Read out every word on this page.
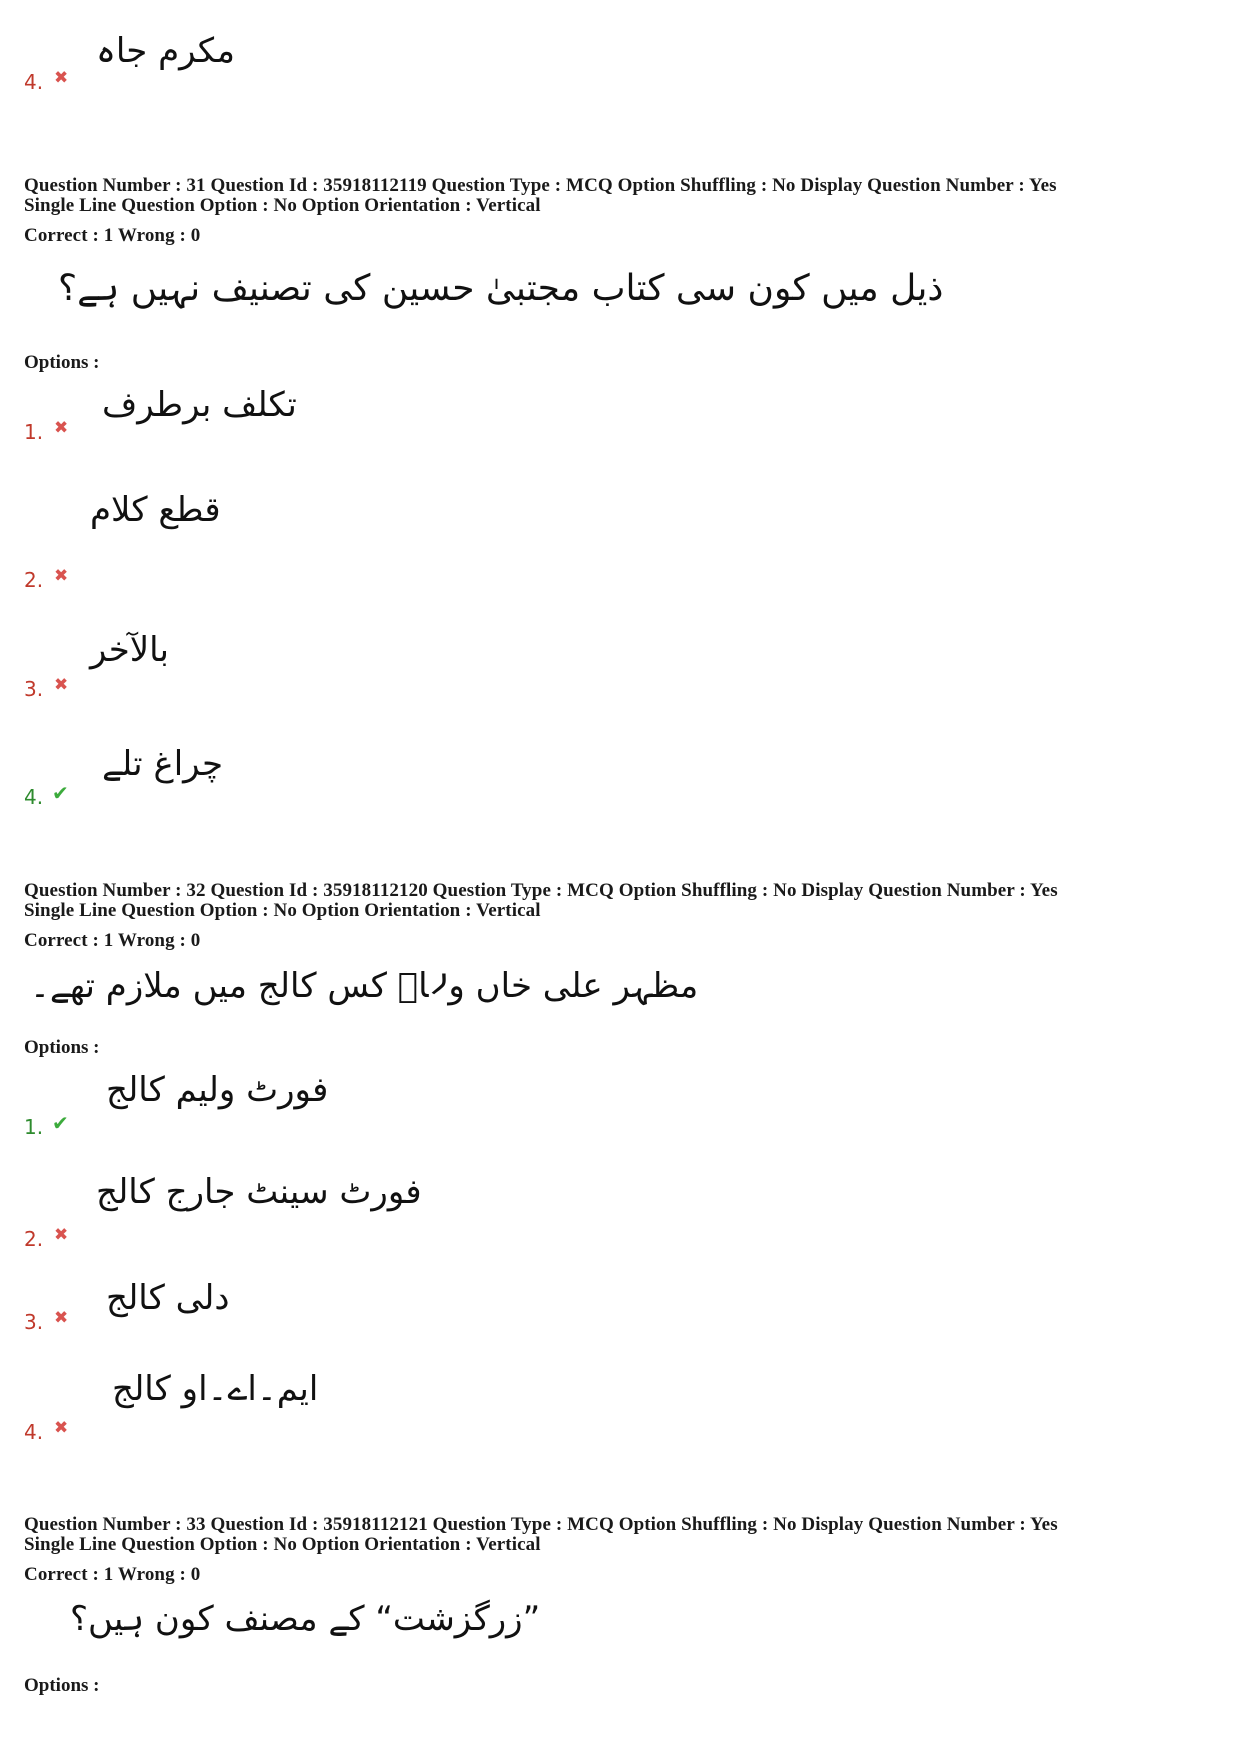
4. ✖
مکرم جاہ
Question Number : 31 Question Id : 35918112119 Question Type : MCQ Option Shuffling : No Display Question Number : Yes
Single Line Question Option : No Option Orientation : Vertical
Correct : 1 Wrong : 0
ذیل میں کون سی کتاب مجتبیٰ حسین کی تصنیف نہیں ہے؟
Options :
1. ✖
تکلف برطرف
2. ✖
قطع کلام
3. ✖
بالآخر
4. ✔
چراغ تلے
Question Number : 32 Question Id : 35918112120 Question Type : MCQ Option Shuffling : No Display Question Number : Yes
Single Line Question Option : No Option Orientation : Vertical
Correct : 1 Wrong : 0
مظہر علی خاں ولاؔ کس کالج میں ملازم تھے۔
Options :
1. ✔
فورٹ ولیم کالج
2. ✖
فورٹ سینٹ جارج کالج
3. ✖ دلی کالج
4. ✖
ایم۔اے۔او کالج
Question Number : 33 Question Id : 35918112121 Question Type : MCQ Option Shuffling : No Display Question Number : Yes
Single Line Question Option : No Option Orientation : Vertical
Correct : 1 Wrong : 0
”زرگزشت“ کے مصنف کون ہیں؟
Options :
